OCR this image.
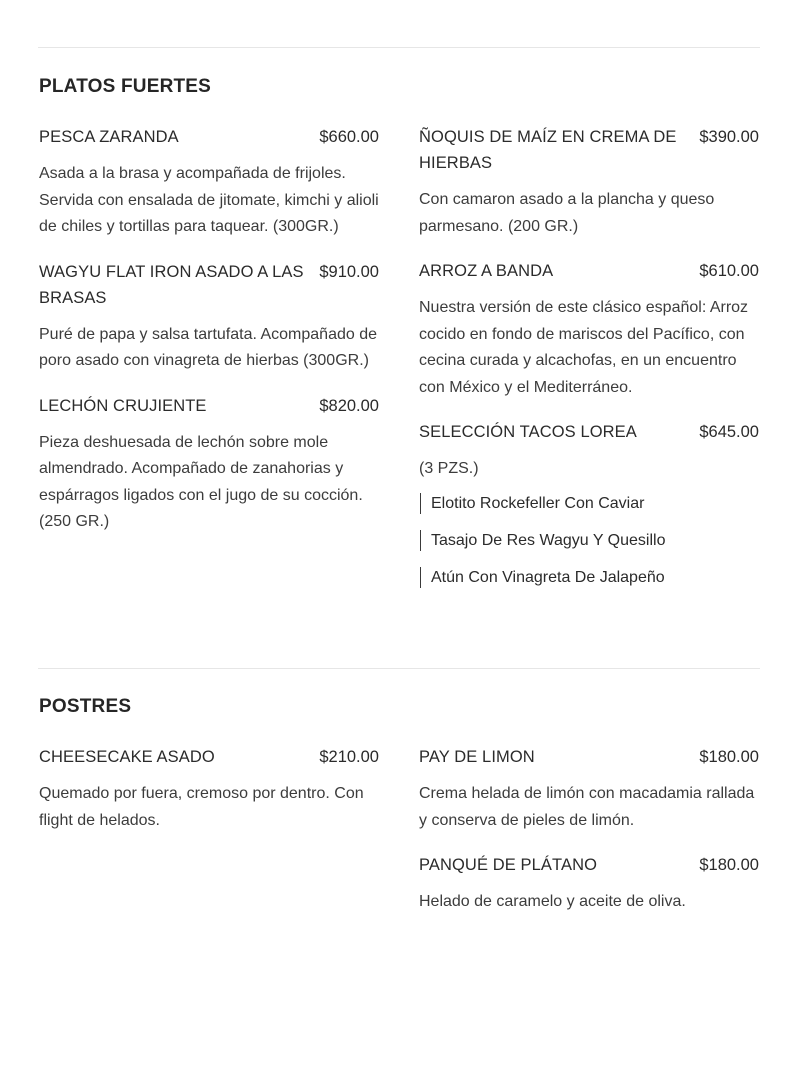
PLATOS FUERTES
PESCA ZARANDA	$660.00
Asada a la brasa y acompañada de frijoles. Servida con ensalada de jitomate, kimchi y alioli de chiles y tortillas para taquear. (300GR.)
WAGYU FLAT IRON ASADO A LAS BRASAS
$910.00
Puré de papa y salsa tartufata. Acompañado de poro asado con vinagreta de hierbas (300GR.)
LECHÓN CRUJIENTE	$820.00
Pieza deshuesada de lechón sobre mole almendrado. Acompañado de zanahorias y espárragos ligados con el jugo de su cocción. (250 GR.)
ÑOQUIS DE MAÍZ EN CREMA DE HIERBAS
$390.00
Con camaron asado a la plancha y queso parmesano. (200 GR.)
ARROZ A BANDA	$610.00
Nuestra versión de este clásico español: Arroz cocido en fondo de mariscos del Pacífico, con cecina curada y alcachofas, en un encuentro con México y el Mediterráneo.
SELECCIÓN TACOS LOREA	$645.00
(3 PZS.)
Elotito Rockefeller Con Caviar
Tasajo De Res Wagyu Y Quesillo
Atún Con Vinagreta De Jalapeño
POSTRES
CHEESECAKE ASADO	$210.00
Quemado por fuera, cremoso por dentro. Con flight de helados.
PAY DE LIMON	$180.00
Crema helada de limón con macadamia rallada y conserva de pieles de limón.
PANQUÉ DE PLÁTANO	$180.00
Helado de caramelo y aceite de oliva.
